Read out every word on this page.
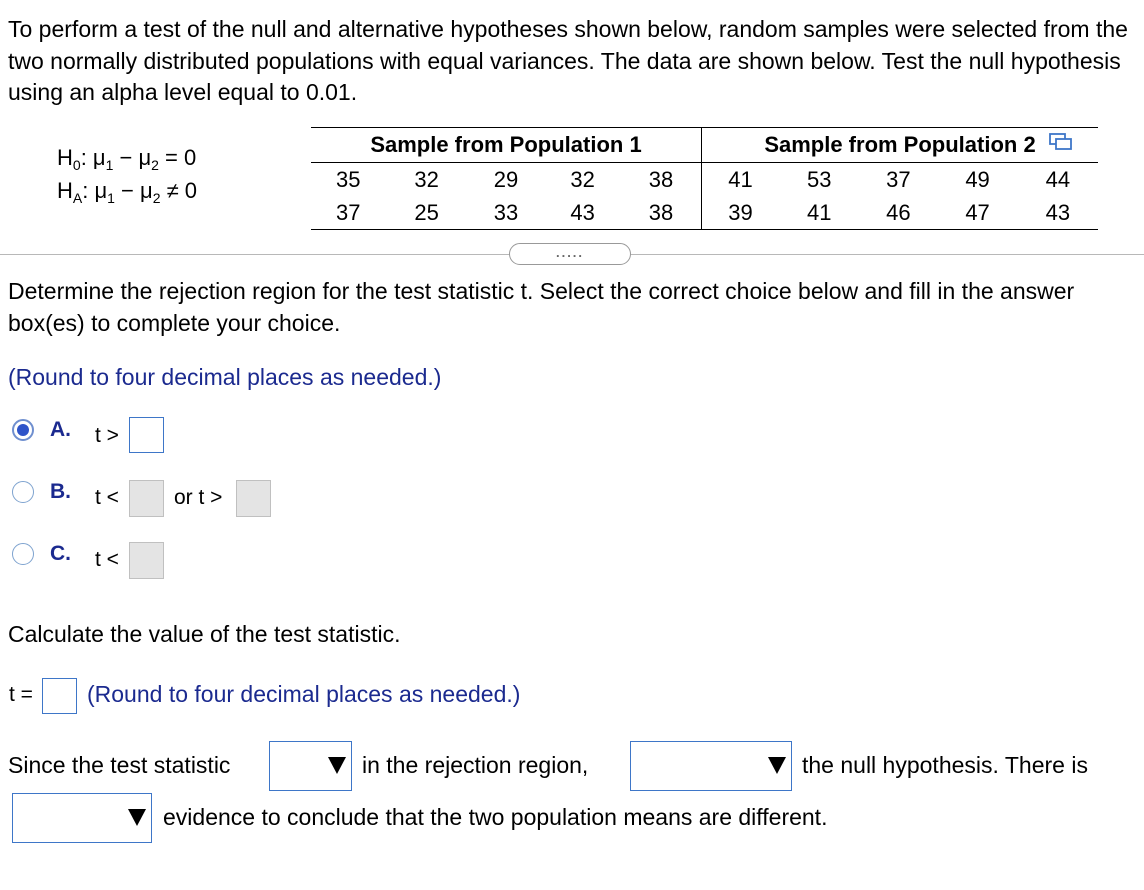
To perform a test of the null and alternative hypotheses shown below, random samples were selected from the two normally distributed populations with equal variances. The data are shown below. Test the null hypothesis using an alpha level equal to 0.01.
$H_0$: $\mu_1 - \mu_2 = 0$
$H_A$: $\mu_1 - \mu_2 \ne 0$
Sample from Population 1					Sample from Population 2				
35	32	29	32	38	41	53	37	49	44
37	25	33	43	38	39	41	46	47	43
.....
Determine the rejection region for the test statistic t. Select the correct choice below and fill in the answer box(es) to complete your choice.
(Round to four decimal places as needed.)
A. t >
B. t <	or t >
C. t <
Calculate the value of the test statistic.
t = (Round to four decimal places as needed.)
Since the test statistic	in the rejection region,	the null hypothesis. There is
evidence to conclude that the two population means are different.
